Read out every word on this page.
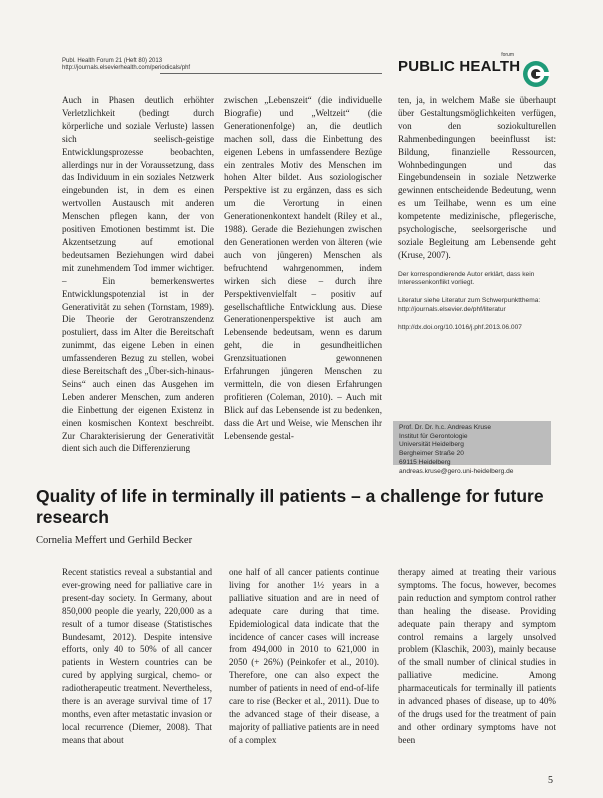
Publ. Health Forum 21 (Heft 80) 2013
http://journals.elsevierhealth.com/periodicals/phf
forum
PUBLIC HEALTH

Auch in Phasen deutlich erhöhter Verletzlichkeit (bedingt durch körperliche und soziale Verluste) lassen sich seelisch-geistige Entwicklungsprozesse beobachten, allerdings nur in der Voraussetzung, dass das Individuum in ein soziales Netzwerk eingebunden ist, in dem es einen wertvollen Austausch mit anderen Menschen pflegen kann, der von positiven Emotionen bestimmt ist. Die Akzentsetzung auf emotional bedeutsamen Beziehungen wird dabei mit zunehmendem Tod immer wichtiger. – Ein bemerkenswertes Entwicklungspotenzial ist in der Generativität zu sehen (Tornstam, 1989). Die Theorie der Gerotranszendenz postuliert, dass im Alter die Bereitschaft zunimmt, das eigene Leben in einen umfassenderen Bezug zu stellen, wobei diese Bereitschaft des „Über-sich-hinaus-Seins“ auch einen das Ausgehen im Leben anderer Menschen, zum anderen die Einbettung der eigenen Existenz in einen kosmischen Kontext beschreibt. Zur Charakterisierung der Generativität dient sich auch die Differenzierung

zwischen „Lebenszeit“ (die individuelle Biografie) und „Weltzeit“ (die Generationenfolge) an, die deutlich machen soll, dass die Einbettung des eigenen Lebens in umfassendere Bezüge ein zentrales Motiv des Menschen im hohen Alter bildet. Aus soziologischer Perspektive ist zu ergänzen, dass es sich um die Verortung in einen Generationenkontext handelt (Riley et al., 1988). Gerade die Beziehungen zwischen den Generationen werden von älteren (wie auch von jüngeren) Menschen als befruchtend wahrgenommen, indem wirken sich diese – durch ihre Perspektivenvielfalt – positiv auf gesellschaftliche Entwicklung aus. Diese Generationenperspektive ist auch am Lebensende bedeutsam, wenn es darum geht, die in gesundheitlichen Grenzsituationen gewonnenen Erfahrungen jüngeren Menschen zu vermitteln, die von diesen Erfahrungen profitieren (Coleman, 2010). – Auch mit Blick auf das Lebensende ist zu bedenken, dass die Art und Weise, wie Menschen ihr Lebensende gestal-

ten, ja, in welchem Maße sie überhaupt über Gestaltungsmöglichkeiten verfügen, von den soziokulturellen Rahmenbedingungen beeinflusst ist: Bildung, finanzielle Ressourcen, Wohnbedingungen und das Eingebundensein in soziale Netzwerke gewinnen entscheidende Bedeutung, wenn es um Teilhabe, wenn es um eine kompetente medizinische, pflegerische, psychologische, seelsorgerische und soziale Begleitung am Lebensende geht (Kruse, 2007).

Der korrespondierende Autor erklärt, dass kein Interessenkonflikt vorliegt.

Literatur siehe Literatur zum Schwerpunktthema:

http://journals.elsevier.de/phf/literatur

http://dx.doi.org/10.1016/j.phf.2013.06.007

Prof. Dr. Dr. h.c. Andreas Kruse
Institut für Gerontologie
Universität Heidelberg
Bergheimer Straße 20
69115 Heidelberg
andreas.kruse@gero.uni-heidelberg.de
Quality of life in terminally ill patients – a challenge for future research
Cornelia Meffert und Gerhild Becker

Recent statistics reveal a substantial and ever-growing need for palliative care in present-day society. In Germany, about 850,000 people die yearly, 220,000 as a result of a tumor disease (Statistisches Bundesamt, 2012). Despite intensive efforts, only 40 to 50% of all cancer patients in Western countries can be cured by applying surgical, chemo- or radiotherapeutic treatment. Nevertheless, there is an average survival time of 17 months, even after metastatic invasion or local recurrence (Diemer, 2008). That means that about

one half of all cancer patients continue living for another 1½ years in a palliative situation and are in need of adequate care during that time. Epidemiological data indicate that the incidence of cancer cases will increase from 494,000 in 2010 to 621,000 in 2050 (+ 26%) (Peinkofer et al., 2010). Therefore, one can also expect the number of patients in need of end-of-life care to rise (Becker et al., 2011). Due to the advanced stage of their disease, a majority of palliative patients are in need of a complex

therapy aimed at treating their various symptoms. The focus, however, becomes pain reduction and symptom control rather than healing the disease. Providing adequate pain therapy and symptom control remains a largely unsolved problem (Klaschik, 2003), mainly because of the small number of clinical studies in palliative medicine. Among pharmaceuticals for terminally ill patients in advanced phases of disease, up to 40% of the drugs used for the treatment of pain and other ordinary symptoms have not been

5
